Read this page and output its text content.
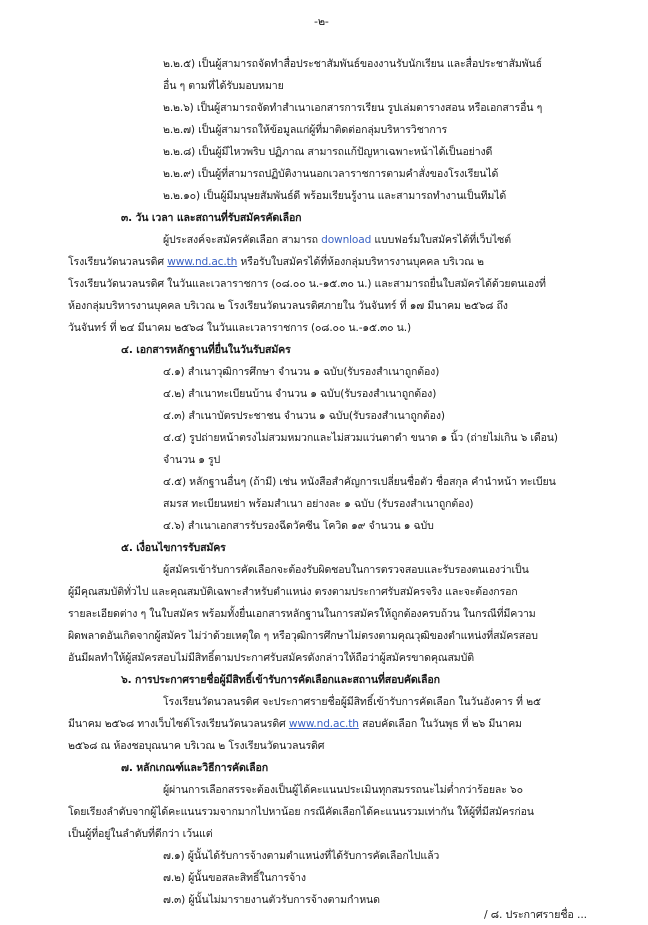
-๒-
๒.๒.๕) เป็นผู้สามารถจัดทำสื่อประชาสัมพันธ์ของงานรับนักเรียน และสื่อประชาสัมพันธ์
อื่น ๆ ตามที่ได้รับมอบหมาย
๒.๒.๖) เป็นผู้สามารถจัดทำสำเนาเอกสารการเรียน รูปเล่มตารางสอน หรือเอกสารอื่น ๆ
๒.๒.๗) เป็นผู้สามารถให้ข้อมูลแก่ผู้ที่มาติดต่อกลุ่มบริหารวิชาการ
๒.๒.๘) เป็นผู้มีไหวพริบ ปฏิภาณ สามารถแก้ปัญหาเฉพาะหน้าได้เป็นอย่างดี
๒.๒.๙) เป็นผู้ที่สามารถปฏิบัติงานนอกเวลาราชการตามคำสั่งของโรงเรียนได้
๒.๒.๑๐) เป็นผู้มีมนุษยสัมพันธ์ดี พร้อมเรียนรู้งาน และสามารถทำงานเป็นทีมได้
๓. วัน เวลา และสถานที่รับสมัครคัดเลือก
ผู้ประสงค์จะสมัครคัดเลือก สามารถ download แบบฟอร์มใบสมัครได้ที่เว็บไซต์
โรงเรียนวัดนวลนรดิศ www.nd.ac.th หรือรับใบสมัครได้ที่ห้องกลุ่มบริหารงานบุคคล บริเวณ ๒
โรงเรียนวัดนวลนรดิศ ในวันและเวลาราชการ (๐๘.๐๐ น.-๑๕.๓๐ น.) และสามารถยื่นใบสมัครได้ด้วยตนเองที่
ห้องกลุ่มบริหารงานบุคคล บริเวณ ๒ โรงเรียนวัดนวลนรดิศภายใน วันจันทร์ ที่ ๑๗ มีนาคม ๒๕๖๘ ถึง
วันจันทร์ ที่ ๒๔ มีนาคม ๒๕๖๘ ในวันและเวลาราชการ (๐๘.๐๐ น.-๑๕.๓๐ น.)
๔. เอกสารหลักฐานที่ยื่นในวันรับสมัคร
๔.๑) สำเนาวุฒิการศึกษา จำนวน ๑ ฉบับ(รับรองสำเนาถูกต้อง)
๔.๒) สำเนาทะเบียนบ้าน จำนวน ๑ ฉบับ(รับรองสำเนาถูกต้อง)
๔.๓) สำเนาบัตรประชาชน จำนวน ๑ ฉบับ(รับรองสำเนาถูกต้อง)
๔.๔) รูปถ่ายหน้าตรงไม่สวมหมวกและไม่สวมแว่นตาดำ ขนาด ๑ นิ้ว (ถ่ายไม่เกิน ๖ เดือน)
จำนวน ๑ รูป
๔.๕) หลักฐานอื่นๆ (ถ้ามี) เช่น หนังสือสำคัญการเปลี่ยนชื่อตัว ชื่อสกุล คำนำหน้า ทะเบียน
สมรส ทะเบียนหย่า พร้อมสำเนา อย่างละ ๑ ฉบับ (รับรองสำเนาถูกต้อง)
๔.๖) สำเนาเอกสารรับรองฉีดวัคซีน โควิด ๑๙ จำนวน ๑ ฉบับ
๕. เงื่อนไขการรับสมัคร
ผู้สมัครเข้ารับการคัดเลือกจะต้องรับผิดชอบในการตรวจสอบและรับรองตนเองว่าเป็น
ผู้มีคุณสมบัติทั่วไป และคุณสมบัติเฉพาะสำหรับตำแหน่ง ตรงตามประกาศรับสมัครจริง และจะต้องกรอก
รายละเอียดต่าง ๆ ในใบสมัคร พร้อมทั้งยื่นเอกสารหลักฐานในการสมัครให้ถูกต้องครบถ้วน ในกรณีที่มีความ
ผิดพลาดอันเกิดจากผู้สมัคร ไม่ว่าด้วยเหตุใด ๆ หรือวุฒิการศึกษาไม่ตรงตามคุณวุฒิของตำแหน่งที่สมัครสอบ
อันมีผลทำให้ผู้สมัครสอบไม่มีสิทธิ์ตามประกาศรับสมัครดังกล่าวให้ถือว่าผู้สมัครขาดคุณสมบัติ
๖. การประกาศรายชื่อผู้มีสิทธิ์เข้ารับการคัดเลือกและสถานที่สอบคัดเลือก
โรงเรียนวัดนวลนรดิศ จะประกาศรายชื่อผู้มีสิทธิ์เข้ารับการคัดเลือก ในวันอังคาร ที่ ๒๕
มีนาคม ๒๕๖๘ ทางเว็บไซต์โรงเรียนวัดนวลนรดิศ www.nd.ac.th สอบคัดเลือก ในวันพุธ ที่ ๒๖ มีนาคม
๒๕๖๘ ณ ห้องชอบุณนาค บริเวณ ๒ โรงเรียนวัดนวลนรดิศ
๗. หลักเกณฑ์และวิธีการคัดเลือก
ผู้ผ่านการเลือกสรรจะต้องเป็นผู้ได้คะแนนประเมินทุกสมรรถนะไม่ต่ำกว่าร้อยละ ๖๐
โดยเรียงลำดับจากผู้ได้คะแนนรวมจากมากไปหาน้อย กรณีคัดเลือกได้คะแนนรวมเท่ากัน ให้ผู้ที่มีสมัครก่อน
เป็นผู้ที่อยู่ในลำดับที่ดีกว่า เว้นแต่
๗.๑) ผู้นั้นได้รับการจ้างตามตำแหน่งที่ได้รับการคัดเลือกไปแล้ว
๗.๒) ผู้นั้นขอสละสิทธิ์ในการจ้าง
๗.๓) ผู้นั้นไม่มารายงานตัวรับการจ้างตามกำหนด
/ ๘. ประกาศรายชื่อ ...
